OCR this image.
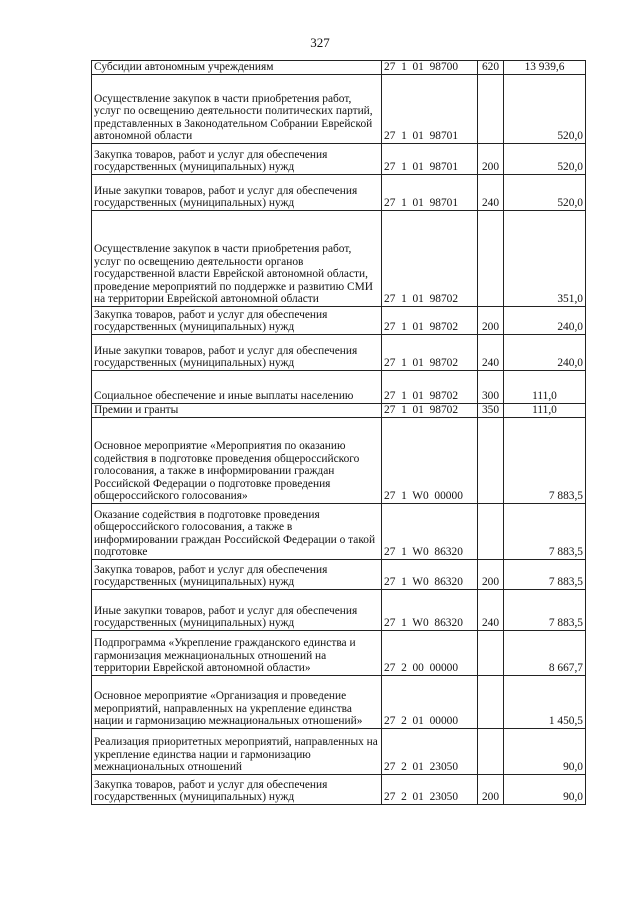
327
Субсидии автономным учреждениям	27  1  01  98700	620	13 939,6
Осуществление закупок в части приобретения работ, услуг по освещению деятельности политических партий, представленных в Законодательном Собрании Еврейской автономной области	27  1  01  98701		520,0
Закупка товаров, работ и услуг для обеспечения государственных (муниципальных) нужд	27  1  01  98701	200	520,0
Иные закупки товаров, работ и услуг для обеспечения государственных (муниципальных) нужд	27  1  01  98701	240	520,0
Осуществление закупок в части приобретения работ, услуг по освещению деятельности органов государственной власти Еврейской автономной области, проведение мероприятий по поддержке и развитию СМИ на территории Еврейской автономной области	27  1  01  98702		351,0
Закупка товаров, работ и услуг для обеспечения государственных (муниципальных) нужд	27  1  01  98702	200	240,0
Иные закупки товаров, работ и услуг для обеспечения государственных (муниципальных) нужд	27  1  01  98702	240	240,0
Социальное обеспечение и иные выплаты населению	27  1  01  98702	300	111,0
Премии и гранты	27  1  01  98702	350	111,0
Основное мероприятие «Мероприятия по оказанию содействия в подготовке проведения общероссийского голосования, а также в информировании граждан Российской Федерации о подготовке проведения общероссийского голосования»	27  1  W0  00000		7 883,5
Оказание содействия в подготовке проведения общероссийского голосования, а также в информировании граждан Российской Федерации о такой подготовке	27  1  W0  86320		7 883,5
Закупка товаров, работ и услуг для обеспечения государственных (муниципальных) нужд	27  1  W0  86320	200	7 883,5
Иные закупки товаров, работ и услуг для обеспечения государственных (муниципальных) нужд	27  1  W0  86320	240	7 883,5
Подпрограмма «Укрепление гражданского единства и гармонизация межнациональных отношений на территории Еврейской автономной области»	27  2  00  00000		8 667,7
Основное мероприятие «Организация и проведение мероприятий, направленных на укрепление единства нации и гармонизацию межнациональных отношений»	27  2  01  00000		1 450,5
Реализация приоритетных мероприятий, направленных на укрепление единства нации и гармонизацию межнациональных отношений	27  2  01  23050		90,0
Закупка товаров, работ и услуг для обеспечения государственных (муниципальных) нужд	27  2  01  23050	200	90,0
